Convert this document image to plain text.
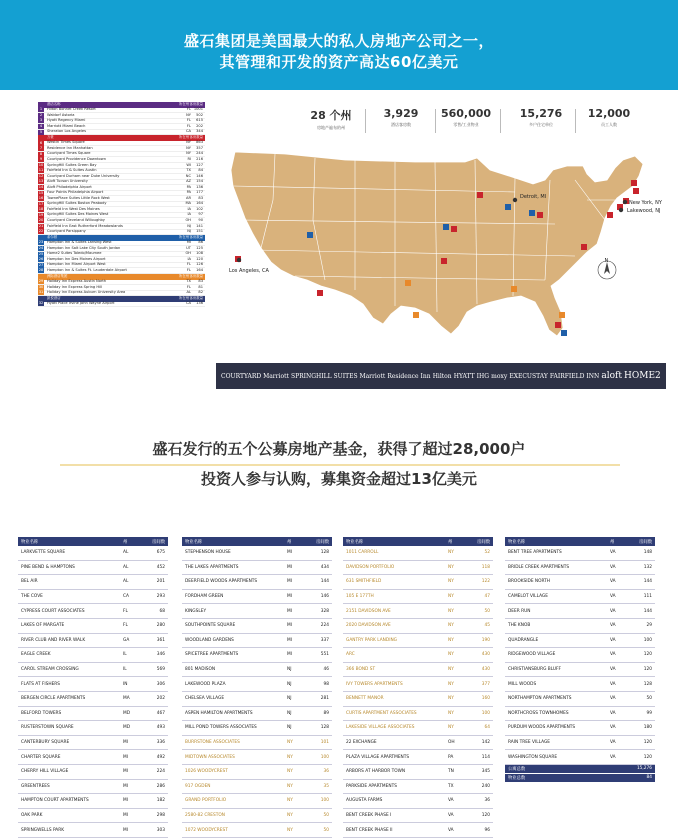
盛石集团是美国最大的私人房地产公司之一，
其管理和开发的资产高达60亿美元
酒店名称	所在州 客房数量
1	Hilton Bonnet Creek Resort	FL 1001
2	Waldorf Astoria	NY	502
3	Hyatt Regency Miami	FL	615
4	Marriott Miami Beach	FL	202
5	Sheraton Los Angeles	CA	344
万豪	所在州 客房数量
6	Westin Times Square	NY	863
7	Residence Inn Manhattan	NY	357
8	Courtyard Times Square	NY	244
9	Courtyard Providence Downtown	RI	216
10 SpringHill Suites Green Bay	WI	127
11 Fairfield Inn & Suites Austin	TX	84
12 Courtyard Durham near Duke University	NC	146
13 Aloft Tucson University	AZ	154
14 Aloft Philadelphia Airport	PA	136
15 Four Points Philadelphia Airport	PA	177
16 TownePlace Suites Little Rock West	AR	83
17 SpringHill Suites Boston Peabody	MA	164
18 Fairfield Inn West Des Moines	IA	102
19 SpringHill Suites Des Moines West	IA	97
20 Courtyard Cleveland Willoughby	OH	90
21 Fairfield Inn East Rutherford Meadowlands	NJ	141
22 Courtyard Parsippany	NJ	151
希尔顿	所在州 客房数量
23 Hampton Inn & Suites Lansing West	MI	86
24 Hampton Inn Salt Lake City South Jordan	UT	125
25 Home2 Suites Toledo/Maumee	OH	108
26 Hampton Inn Des Moines Airport	IA	120
27 Hampton Inn Miami Airport West	FL	126
28 Hampton Inn & Suites Ft. Lauderdale Airport	FL	164
洲际酒店集团	所在州 客房数量
29 Holiday Inn Express Austin North	TX	83
30 Holiday Inn Express Spring Hill	FL	81
31 Holiday Inn Express Auburn University Area	AL	82
凯悦酒店	所在州 客房数量
32 Hyatt Place Irvine John Wayne Airport	CA	136
28 个州
房地产遍布的州
3,929
酒店客房数
560,000
零售/工业物业
15,276
多户住宅单位
12,000
员工人数
Los Angeles, CA
Detroit, MI
New York, NY
Lakewood, NJ
N
COURTYARD Marriott SPRINGHILL SUITES Marriott Residence Inn Hilton HYATT IHG moxy EXECUSTAY FAIRFIELD INN aloft HOME2
盛石发行的五个公募房地产基金，获得了超过28,000户
投资人参与认购，募集资金超过13亿美元
物业名称	州	房间数
LARKVETTE SQUARE	AL	675
PINE BEND & HAMPTONS	AL	452
BEL AIR	AL	201
THE COVE	CA	293
CYPRESS COURT ASSOCIATES	FL	68
LAKES OF MARGATE	FL	280
RIVER CLUB AND RIVER WALK	GA	361
EAGLE CREEK	IL	346
CAROL STREAM CROSSING	IL	569
FLATS AT FISHERS	IN	306
BERGEN CIRCLE APARTMENTS	MA	202
BELFORD TOWERS	MD	467
RUSTERSTOWN SQUARE	MD	493
CANTERBURY SQUARE	MI	336
CHARTER SQUARE	MI	492
CHERRY HILL VILLAGE	MI	224
GREENTREES	MI	286
HAMPTON COURT APARTMENTS	MI	182
OAK PARK	MI	298
SPRINGWELLS PARK	MI	303
物业名称	州	房间数
STEPHENSON HOUSE	MI	128
THE LAKES APARTMENTS	MI	434
DEERFIELD WOODS APARTMENTS	MI	144
FORDHAM GREEN	MI	146
KINGSLEY	MI	328
SOUTHPOINTE SQUARE	MI	224
WOODLAND GARDENS	MI	337
SPICETREE APARTMENTS	MI	551
801 MADISON	NJ	46
LAKEWOOD PLAZA	NJ	98
CHELSEA VILLAGE	NJ	281
ASPEN HAMILTON APARTMENTS	NJ	89
MILL POND TOWERS ASSOCIATES	NJ	128
BURRSTONE ASSOCIATES	NY	101
MIDTOWN ASSOCIATES	NY	100
1026 WOODYCREST	NY	36
917 OGDEN	NY	35
GRAND PORTFOLIO	NY	100
2580-82 CRESTON	NY	50
1072 WOODYCREST	NY	50
物业名称	州	房间数
1011 CARROLL	NY	52
DAVIDSON PORTFOLIO	NY	118
631 SMITHFIELD	NY	122
105 E 177TH	NY	47
2151 DAVIDSON AVE	NY	50
2020 DAVIDSON AVE	NY	45
GANTRY PARK LANDING	NY	190
ARC	NY	430
366 BOND ST	NY	430
IVY TOWERS APARTMENTS	NY	377
BENNETT MANOR	NY	160
CURTIS APARTMENT ASSOCIATES	NY	100
LAKESIDE VILLAGE ASSOCIATES	NY	64
22 EXCHANGE	OH	142
PLAZA VILLAGE APARTMENTS	PA	114
ARBORS AT HARBOR TOWN	TN	345
PARKSIDE APARTMENTS	TX	240
AUGUSTA FARMS	VA	36
BENT CREEK PHASE I	VA	120
BENT CREEK PHASE II	VA	96
物业名称	州	房间数
BENT TREE APARTMENTS	VA	148
BRIDLE CREEK APARTMENTS	VA	132
BROOKSIDE NORTH	VA	144
CAMELOT VILLAGE	VA	111
DEER RUN	VA	144
THE KNOB	VA	29
QUADRANGLE	VA	100
RIDGEWOOD VILLAGE	VA	120
CHRISTIANSBURG BLUFF	VA	120
MILL WOODS	VA	128
NORTHAMPTON APARTMENTS	VA	50
NORTHCROSS TOWNHOMES	VA	99
PURDUM WOODS APARTMENTS	VA	180
RAIN TREE VILLAGE	VA	120
WASHINGTON SQUARE	VA	120
公寓总数	15,276
物业总数	84
